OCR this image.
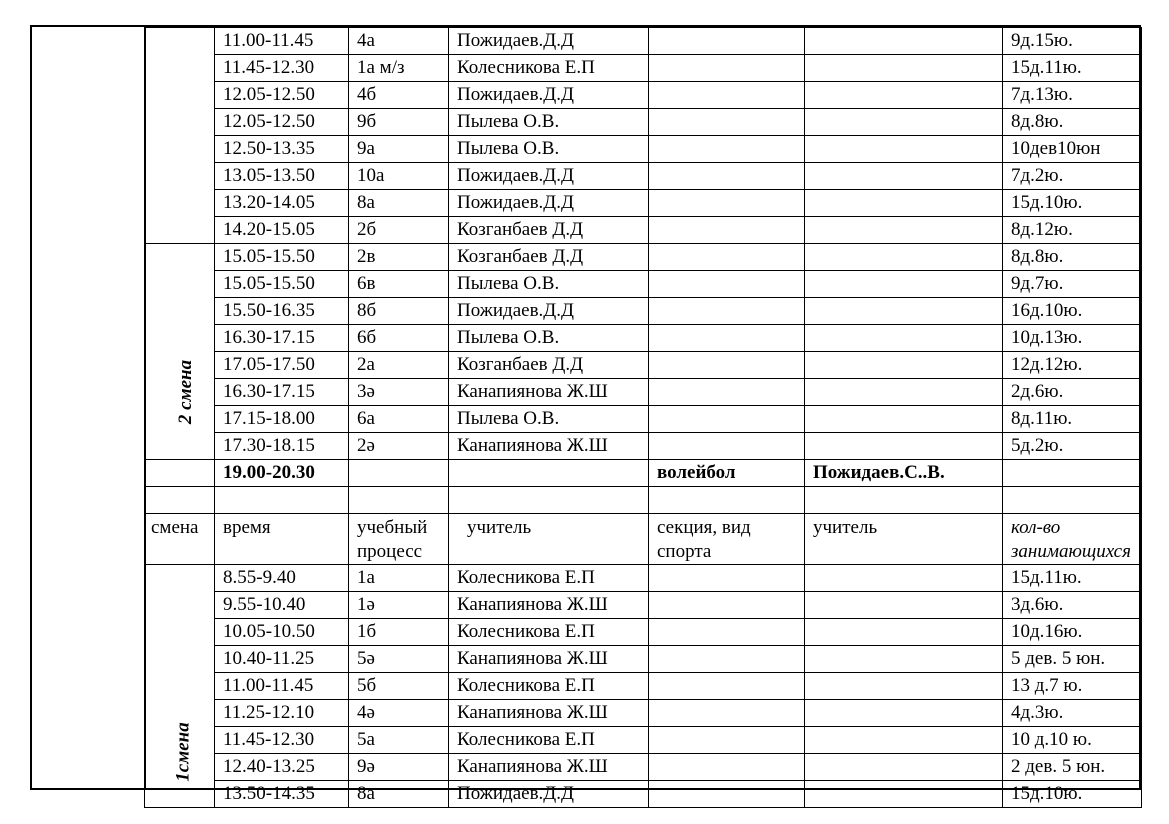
	11.00-11.45	4а	Пожидаев.Д.Д			9д.15ю.
	11.45-12.30	1а м/з	Колесникова Е.П			15д.11ю.
	12.05-12.50	4б	Пожидаев.Д.Д			7д.13ю.
	12.05-12.50	9б	Пылева О.В.			8д.8ю.
	12.50-13.35	9а	Пылева О.В.			10дев10юн
	13.05-13.50	10а	Пожидаев.Д.Д			7д.2ю.
	13.20-14.05	8а	Пожидаев.Д.Д			15д.10ю.
	14.20-15.05	2б	Козганбаев Д.Д			8д.12ю.
	15.05-15.50	2в	Козганбаев Д.Д			8д.8ю.
	15.05-15.50	6в	Пылева О.В.			9д.7ю.
	15.50-16.35	8б	Пожидаев.Д.Д			16д.10ю.
	16.30-17.15	6б	Пылева О.В.			10д.13ю.
	17.05-17.50	2а	Козганбаев Д.Д			12д.12ю.
	16.30-17.15	3ә	Канапиянова Ж.Ш			2д.6ю.
	17.15-18.00	6а	Пылева О.В.			8д.11ю.
	17.30-18.15	2ә	Канапиянова Ж.Ш			5д.2ю.
	19.00-20.30			волейбол	Пожидаев.С..В.	

смена	время	учебный процесс	учитель	секция, вид спорта	учитель	кол-во занимающихся
	8.55-9.40	1а	Колесникова Е.П			15д.11ю.
	9.55-10.40	1ә	Канапиянова Ж.Ш			3д.6ю.
	10.05-10.50	1б	Колесникова Е.П			10д.16ю.
	10.40-11.25	5ә	Канапиянова Ж.Ш			5 дев. 5 юн.
	11.00-11.45	5б	Колесникова Е.П			13 д.7 ю.
	11.25-12.10	4ә	Канапиянова Ж.Ш			4д.3ю.
	11.45-12.30	5а	Колесникова Е.П			10 д.10 ю.
	12.40-13.25	9ә	Канапиянова Ж.Ш			2 дев. 5 юн.
	13.50-14.35	8а	Пожидаев.Д.Д			15д.10ю.
2 смена
1смена
